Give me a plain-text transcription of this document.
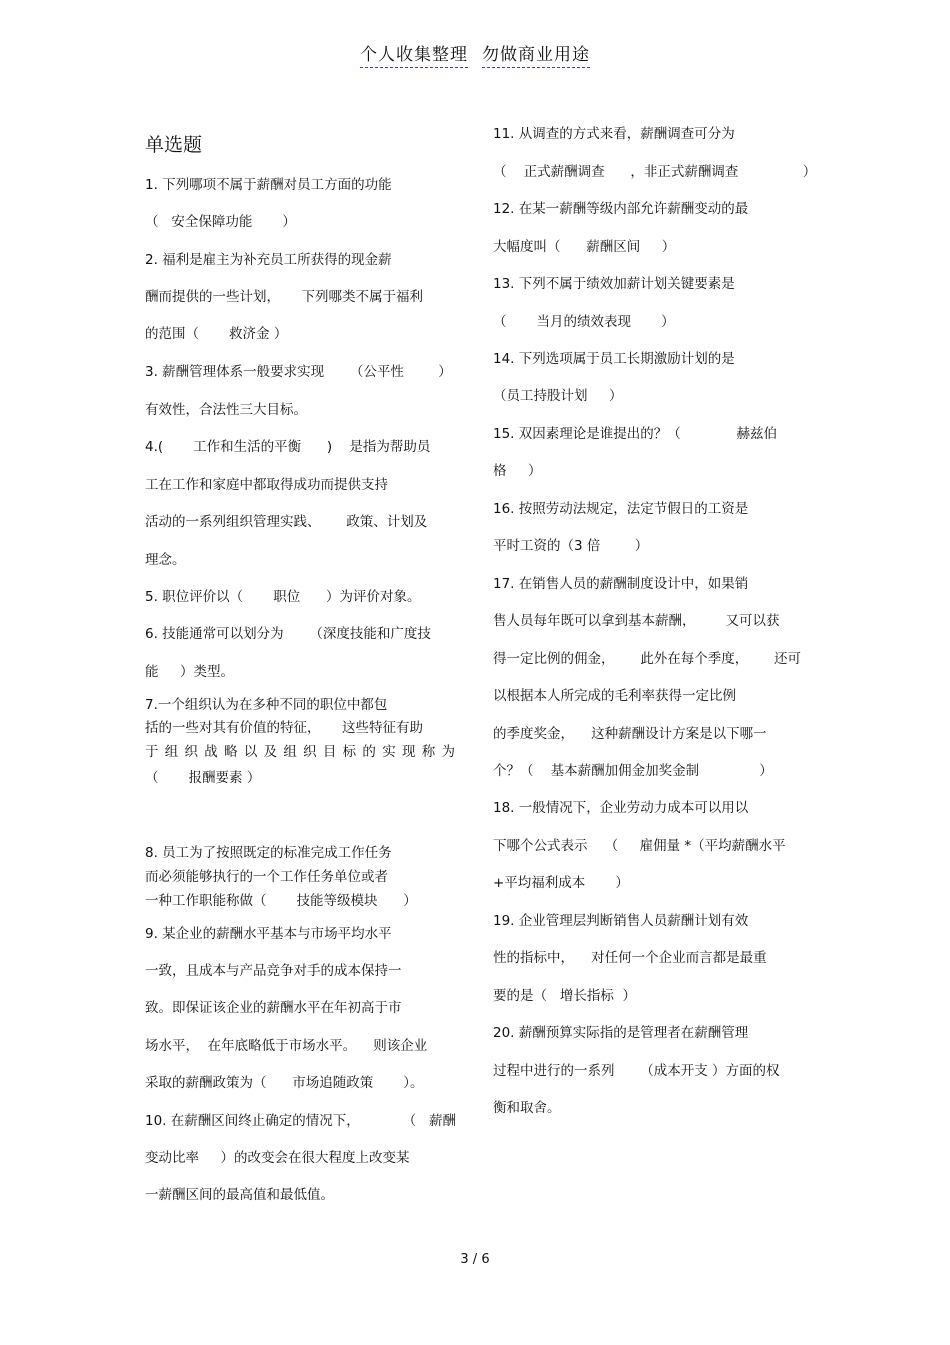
个人收集整理 勿做商业用途
单选题
1. 下列哪项不属于薪酬对员工方面的功能
（   安全保障功能       ）
2. 福利是雇主为补充员工所获得的现金薪
酬而提供的一些计划，     下列哪类不属于福利
的范围（       救济金 ）
3. 薪酬管理体系一般要求实现      （公平性        ）
有效性，合法性三大目标。
4.(       工作和生活的平衡      )    是指为帮助员
工在工作和家庭中都取得成功而提供支持
活动的一系列组织管理实践、      政策、计划及
理念。
5. 职位评价以（       职位      ）为评价对象。
6. 技能通常可以划分为      （深度技能和广度技
能     ）类型。
7.一个组织认为在多种不同的职位中都包
括的一些对其有价值的特征，     这些特征有助
于组织战略以及组织目标的实现称为
（       报酬要素 ）
8. 员工为了按照既定的标准完成工作任务
而必须能够执行的一个工作任务单位或者
一种工作职能称做（       技能等级模块      ）
9. 某企业的薪酬水平基本与市场平均水平
一致，且成本与产品竞争对手的成本保持一
致。即保证该企业的薪酬水平在年初高于市
场水平，  在年底略低于市场水平。    则该企业
采取的薪酬政策为（      市场追随政策       ）。
10. 在薪酬区间终止确定的情况下，          （   薪酬
变动比率     ）的改变会在很大程度上改变某
一薪酬区间的最高值和最低值。
11. 从调查的方式来看，薪酬调查可分为
（    正式薪酬调查      ，非正式薪酬调查               ）
12. 在某一薪酬等级内部允许薪酬变动的最
大幅度叫（      薪酬区间     ）
13. 下列不属于绩效加薪计划关键要素是
（       当月的绩效表现       ）
14. 下列选项属于员工长期激励计划的是
（员工持股计划     ）
15. 双因素理论是谁提出的？（             赫兹伯
格     ）
16. 按照劳动法规定，法定节假日的工资是
平时工资的（3 倍        ）
17. 在销售人员的薪酬制度设计中，如果销
售人员每年既可以拿到基本薪酬，       又可以获
得一定比例的佣金，      此外在每个季度，      还可
以根据本人所完成的毛利率获得一定比例
的季度奖金，    这种薪酬设计方案是以下哪一
个？（    基本薪酬加佣金加奖金制              ）
18. 一般情况下，企业劳动力成本可以用以
下哪个公式表示    （     雇佣量 *（平均薪酬水平
+平均福利成本       ）
19. 企业管理层判断销售人员薪酬计划有效
性的指标中，    对任何一个企业而言都是最重
要的是（   增长指标  ）
20. 薪酬预算实际指的是管理者在薪酬管理
过程中进行的一系列      （成本开支 ）方面的权
衡和取舍。
3 / 6
